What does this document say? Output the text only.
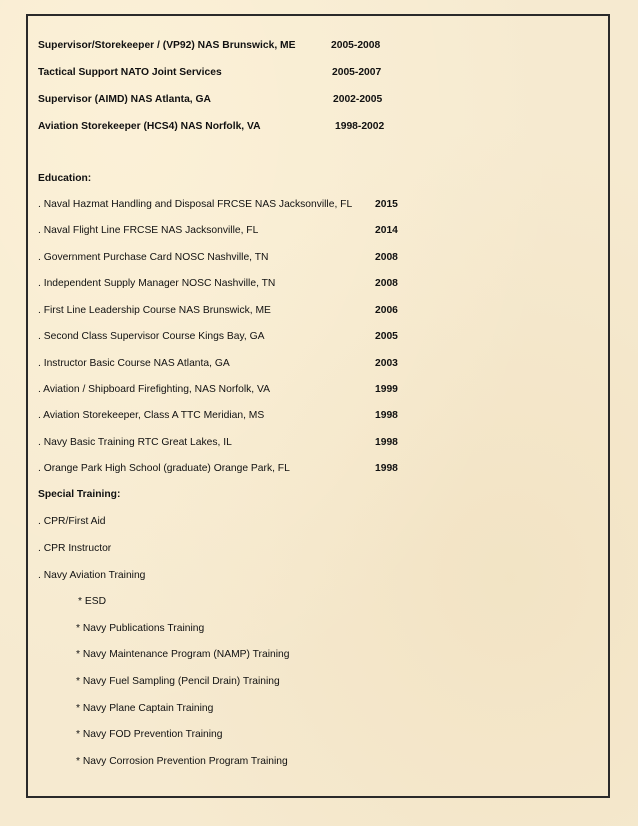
Supervisor/Storekeeper / (VP92) NAS Brunswick, ME	2005-2008
Tactical Support NATO Joint Services	2005-2007
Supervisor (AIMD) NAS Atlanta, GA	2002-2005
Aviation Storekeeper (HCS4) NAS Norfolk, VA	1998-2002
Education:
. Naval Hazmat Handling and Disposal FRCSE NAS Jacksonville, FL 2015
. Naval Flight Line FRCSE NAS Jacksonville, FL	2014
. Government Purchase Card NOSC Nashville, TN	2008
. Independent Supply Manager NOSC Nashville, TN	2008
. First Line Leadership Course NAS Brunswick, ME	2006
. Second Class Supervisor Course Kings Bay, GA	2005
. Instructor Basic Course NAS Atlanta, GA	2003
. Aviation / Shipboard Firefighting, NAS Norfolk, VA	1999
. Aviation Storekeeper, Class A TTC Meridian, MS	1998
. Navy Basic Training RTC Great Lakes, IL	1998
. Orange Park High School (graduate) Orange Park, FL	1998
Special Training:
. CPR/First Aid
. CPR Instructor
. Navy Aviation Training
* ESD
* Navy Publications Training
* Navy Maintenance Program (NAMP) Training
* Navy Fuel Sampling (Pencil Drain) Training
* Navy Plane Captain Training
* Navy FOD Prevention Training
* Navy Corrosion Prevention Program Training
